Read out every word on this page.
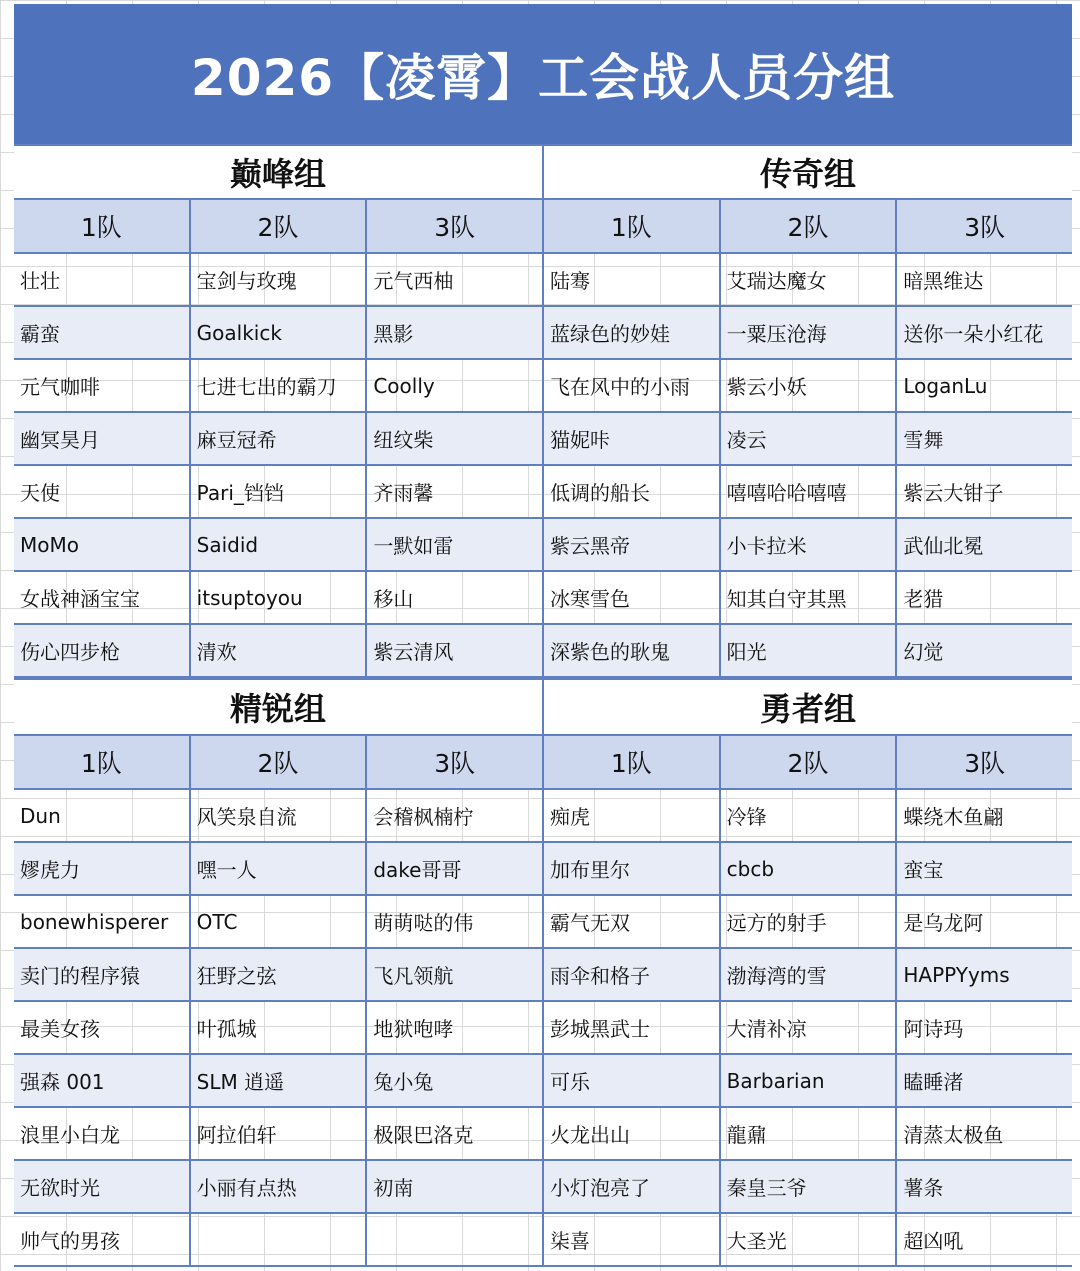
2026【凌霄】工会战人员分组
巅峰组
1队	2队	3队
壮壮	宝剑与玫瑰	元气西柚
霸蛮	Goalkick	黑影
元气咖啡	七进七出的霸刀	Coolly
幽冥昊月	麻豆冠希	纽纹柴
天使	Pari_铛铛	齐雨馨
MoMo	Saidid	一默如雷
女战神涵宝宝	itsuptoyou	移山
伤心四步枪	清欢	紫云清风
传奇组
1队	2队	3队
陆骞	艾瑞达魔女	暗黑维达
蓝绿色的妙娃	一粟压沧海	送你一朵小红花
飞在风中的小雨	紫云小妖	LoganLu
猫妮咔	凌云	雪舞
低调的船长	嘻嘻哈哈嘻嘻	紫云大钳子
紫云黑帝	小卡拉米	武仙北冕
冰寒雪色	知其白守其黑	老猎
深紫色的耿鬼	阳光	幻觉
精锐组
1队	2队	3队
Dun	风笑泉自流	会稽枫楠柠
嫪虎力	嘿一人	dake哥哥
bonewhisperer	OTC	萌萌哒的伟
卖门的程序猿	狂野之弦	飞凡领航
最美女孩	叶孤城	地狱咆哮
强森 001	SLM 逍遥	兔小兔
浪里小白龙	阿拉伯轩	极限巴洛克
无欲时光	小丽有点热	初南
帅气的男孩
勇者组
1队	2队	3队
痴虎	冷锋	蝶绕木鱼翩
加布里尔	cbcb	蛮宝
霸气无双	远方的射手	是乌龙阿
雨伞和格子	渤海湾的雪	HAPPYyms
彭城黑武士	大清补凉	阿诗玛
可乐	Barbarian	瞌睡渚
火龙出山	龍鼐	清蒸太极鱼
小灯泡亮了	秦皇三爷	薯条
柒喜	大圣光	超凶吼
